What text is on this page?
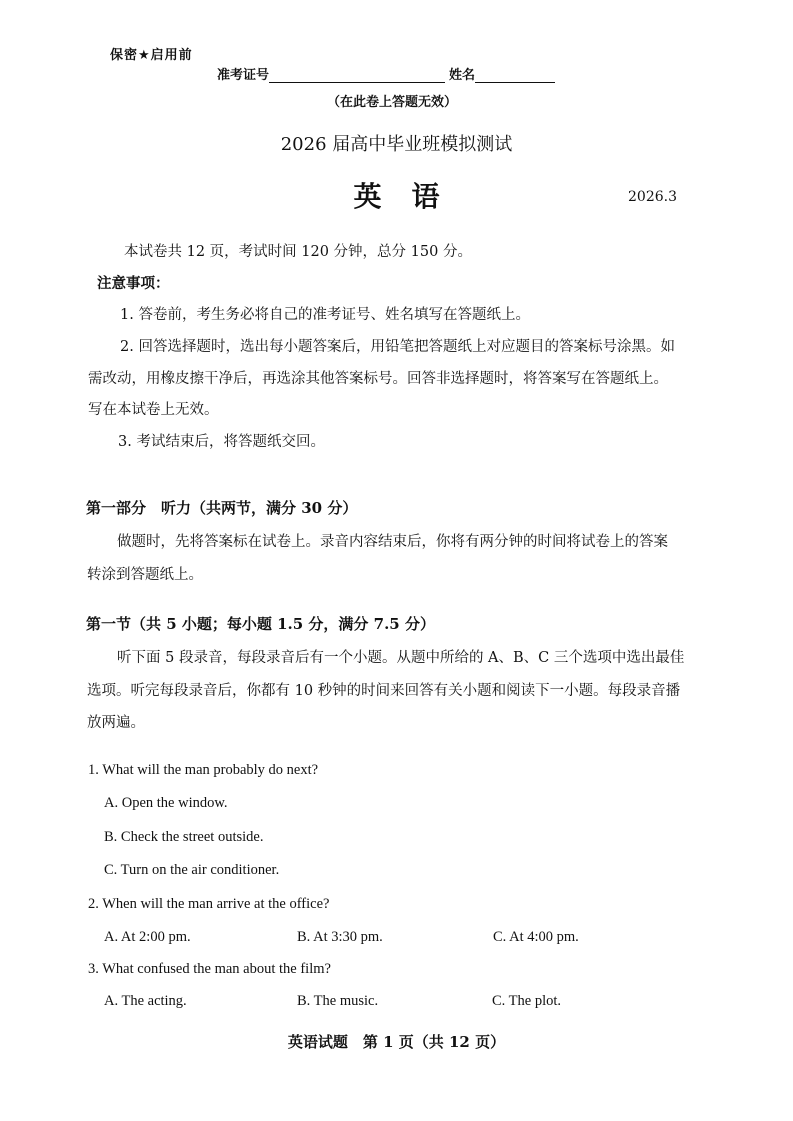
保密★启用前
准考证号	姓名
（在此卷上答题无效）
2026 届高中毕业班模拟测试
英语	2026.3
本试卷共 12 页，考试时间 120 分钟，总分 150 分。
注意事项：
1. 答卷前，考生务必将自己的准考证号、姓名填写在答题纸上。
2. 回答选择题时，选出每小题答案后，用铅笔把答题纸上对应题目的答案标号涂黑。如
需改动，用橡皮擦干净后，再选涂其他答案标号。回答非选择题时，将答案写在答题纸上。
写在本试卷上无效。
3. 考试结束后，将答题纸交回。
第一部分　听力（共两节，满分 30 分）
做题时，先将答案标在试卷上。录音内容结束后，你将有两分钟的时间将试卷上的答案
转涂到答题纸上。
第一节（共 5 小题；每小题 1.5 分，满分 7.5 分）
听下面 5 段录音，每段录音后有一个小题。从题中所给的 A、B、C 三个选项中选出最佳
选项。听完每段录音后，你都有 10 秒钟的时间来回答有关小题和阅读下一小题。每段录音播
放两遍。
1. What will the man probably do next?
A. Open the window.
B. Check the street outside.
C. Turn on the air conditioner.
2. When will the man arrive at the office?
A. At 2:00 pm.	B. At 3:30 pm.	C. At 4:00 pm.
3. What confused the man about the film?
A. The acting.	B. The music.	C. The plot.
英语试题　第 1 页（共 12 页）
